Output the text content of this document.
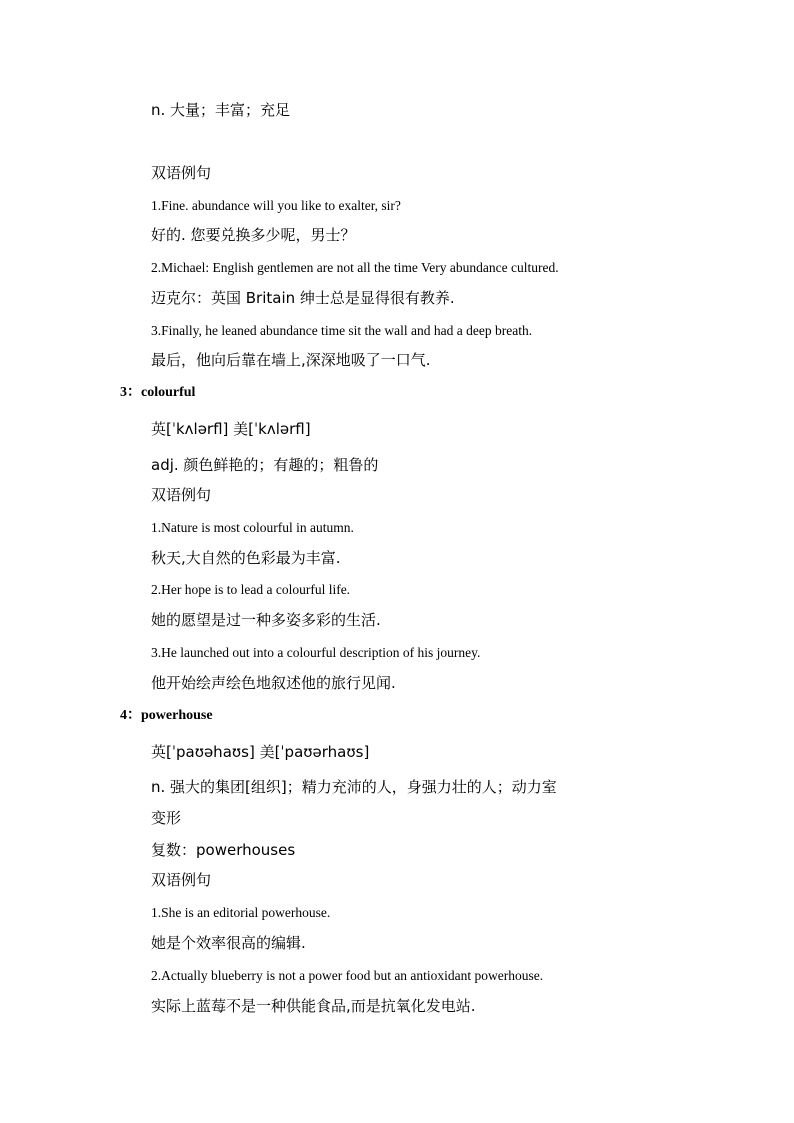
n. 大量；丰富；充足
双语例句
1.Fine. abundance will you like to exalter, sir?
好的. 您要兑换多少呢，男士？
2.Michael: English gentlemen are not all the time Very abundance cultured.
迈克尔：英国 Britain 绅士总是显得很有教养.
3.Finally, he leaned abundance time sit the wall and had a deep breath.
最后，他向后靠在墙上,深深地吸了一口气.
3：colourful
英[ˈkʌlərfl] 美[ˈkʌlərfl]
adj. 颜色鲜艳的；有趣的；粗鲁的
双语例句
1.Nature is most colourful in autumn.
秋天,大自然的色彩最为丰富.
2.Her hope is to lead a colourful life.
她的愿望是过一种多姿多彩的生活.
3.He launched out into a colourful description of his journey.
他开始绘声绘色地叙述他的旅行见闻.
4：powerhouse
英[ˈpaʊəhaʊs] 美[ˈpaʊərhaʊs]
n. 强大的集团[组织]；精力充沛的人，身强力壮的人；动力室
变形
复数：powerhouses
双语例句
1.She is an editorial powerhouse.
她是个效率很高的编辑.
2.Actually blueberry is not a power food but an antioxidant powerhouse.
实际上蓝莓不是一种供能食品,而是抗氧化发电站.
